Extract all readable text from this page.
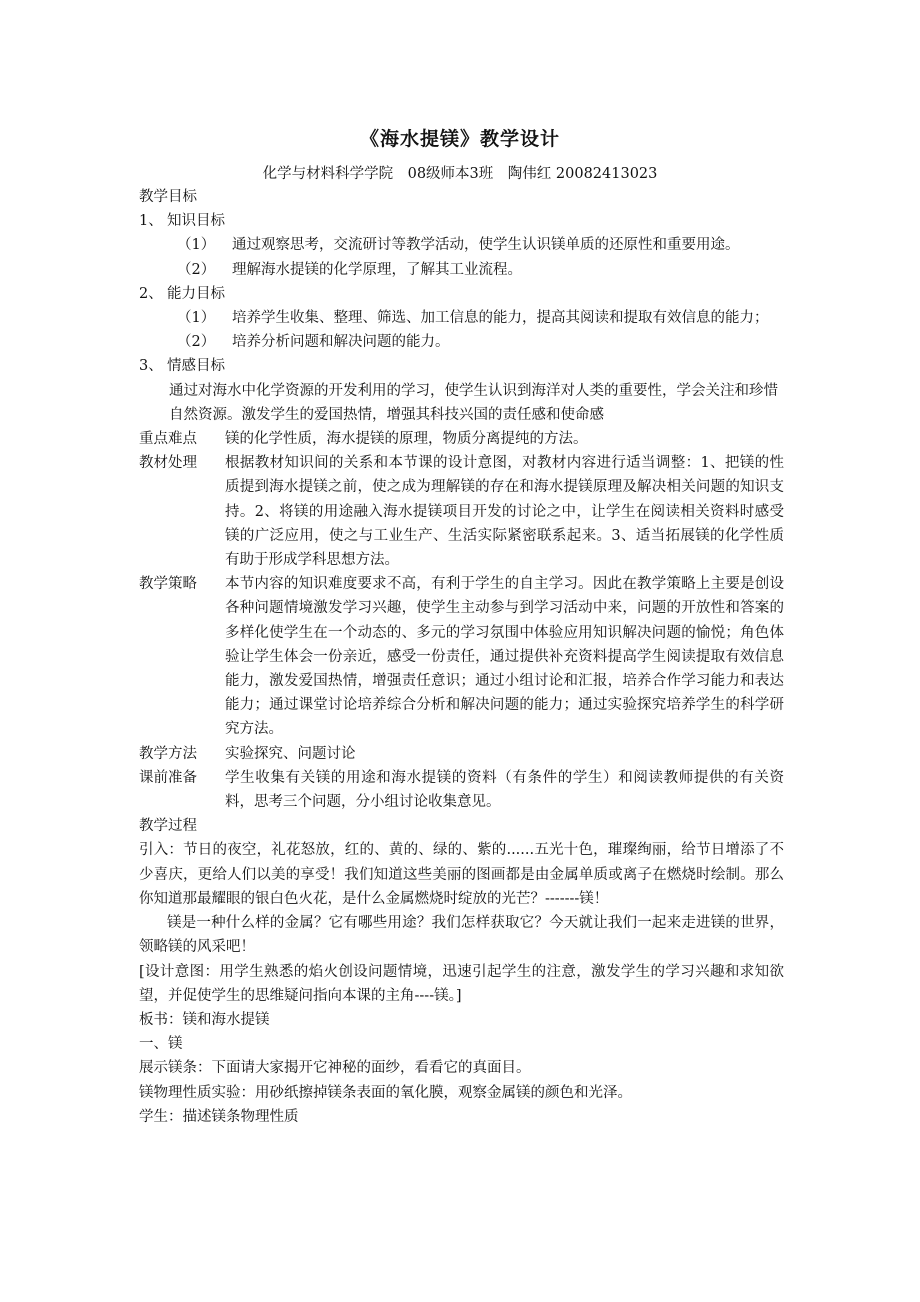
《海水提镁》教学设计
化学与材料科学学院　08级师本3班　陶伟红 20082413023
教学目标
1、 知识目标
（1）	通过观察思考，交流研讨等教学活动，使学生认识镁单质的还原性和重要用途。
（2）	理解海水提镁的化学原理，了解其工业流程。
2、 能力目标
（1）	培养学生收集、整理、筛选、加工信息的能力，提高其阅读和提取有效信息的能力；
（2）	培养分析问题和解决问题的能力。
3、 情感目标
通过对海水中化学资源的开发利用的学习，使学生认识到海洋对人类的重要性，学会关注和珍惜自然资源。激发学生的爱国热情，增强其科技兴国的责任感和使命感
重点难点	镁的化学性质，海水提镁的原理，物质分离提纯的方法。
教材处理	根据教材知识间的关系和本节课的设计意图，对教材内容进行适当调整：1、把镁的性质提到海水提镁之前，使之成为理解镁的存在和海水提镁原理及解决相关问题的知识支持。2、将镁的用途融入海水提镁项目开发的讨论之中，让学生在阅读相关资料时感受镁的广泛应用，使之与工业生产、生活实际紧密联系起来。3、适当拓展镁的化学性质有助于形成学科思想方法。
教学策略	本节内容的知识难度要求不高，有利于学生的自主学习。因此在教学策略上主要是创设各种问题情境激发学习兴趣，使学生主动参与到学习活动中来，问题的开放性和答案的多样化使学生在一个动态的、多元的学习氛围中体验应用知识解决问题的愉悦；角色体验让学生体会一份亲近，感受一份责任，通过提供补充资料提高学生阅读提取有效信息能力，激发爱国热情，增强责任意识；通过小组讨论和汇报，培养合作学习能力和表达能力；通过课堂讨论培养综合分析和解决问题的能力；通过实验探究培养学生的科学研究方法。
教学方法	实验探究、问题讨论
课前准备	学生收集有关镁的用途和海水提镁的资料（有条件的学生）和阅读教师提供的有关资料，思考三个问题，分小组讨论收集意见。
教学过程
引入：节日的夜空，礼花怒放，红的、黄的、绿的、紫的......五光十色，璀璨绚丽，给节日增添了不少喜庆，更给人们以美的享受！我们知道这些美丽的图画都是由金属单质或离子在燃烧时绘制。那么你知道那最耀眼的银白色火花，是什么金属燃烧时绽放的光芒？-------镁！
镁是一种什么样的金属？它有哪些用途？我们怎样获取它？今天就让我们一起来走进镁的世界，领略镁的风采吧！
[设计意图：用学生熟悉的焰火创设问题情境，迅速引起学生的注意，激发学生的学习兴趣和求知欲望，并促使学生的思维疑问指向本课的主角----镁。]
板书：镁和海水提镁
一、镁
展示镁条：下面请大家揭开它神秘的面纱，看看它的真面目。
镁物理性质实验：用砂纸擦掉镁条表面的氧化膜，观察金属镁的颜色和光泽。
学生：描述镁条物理性质
